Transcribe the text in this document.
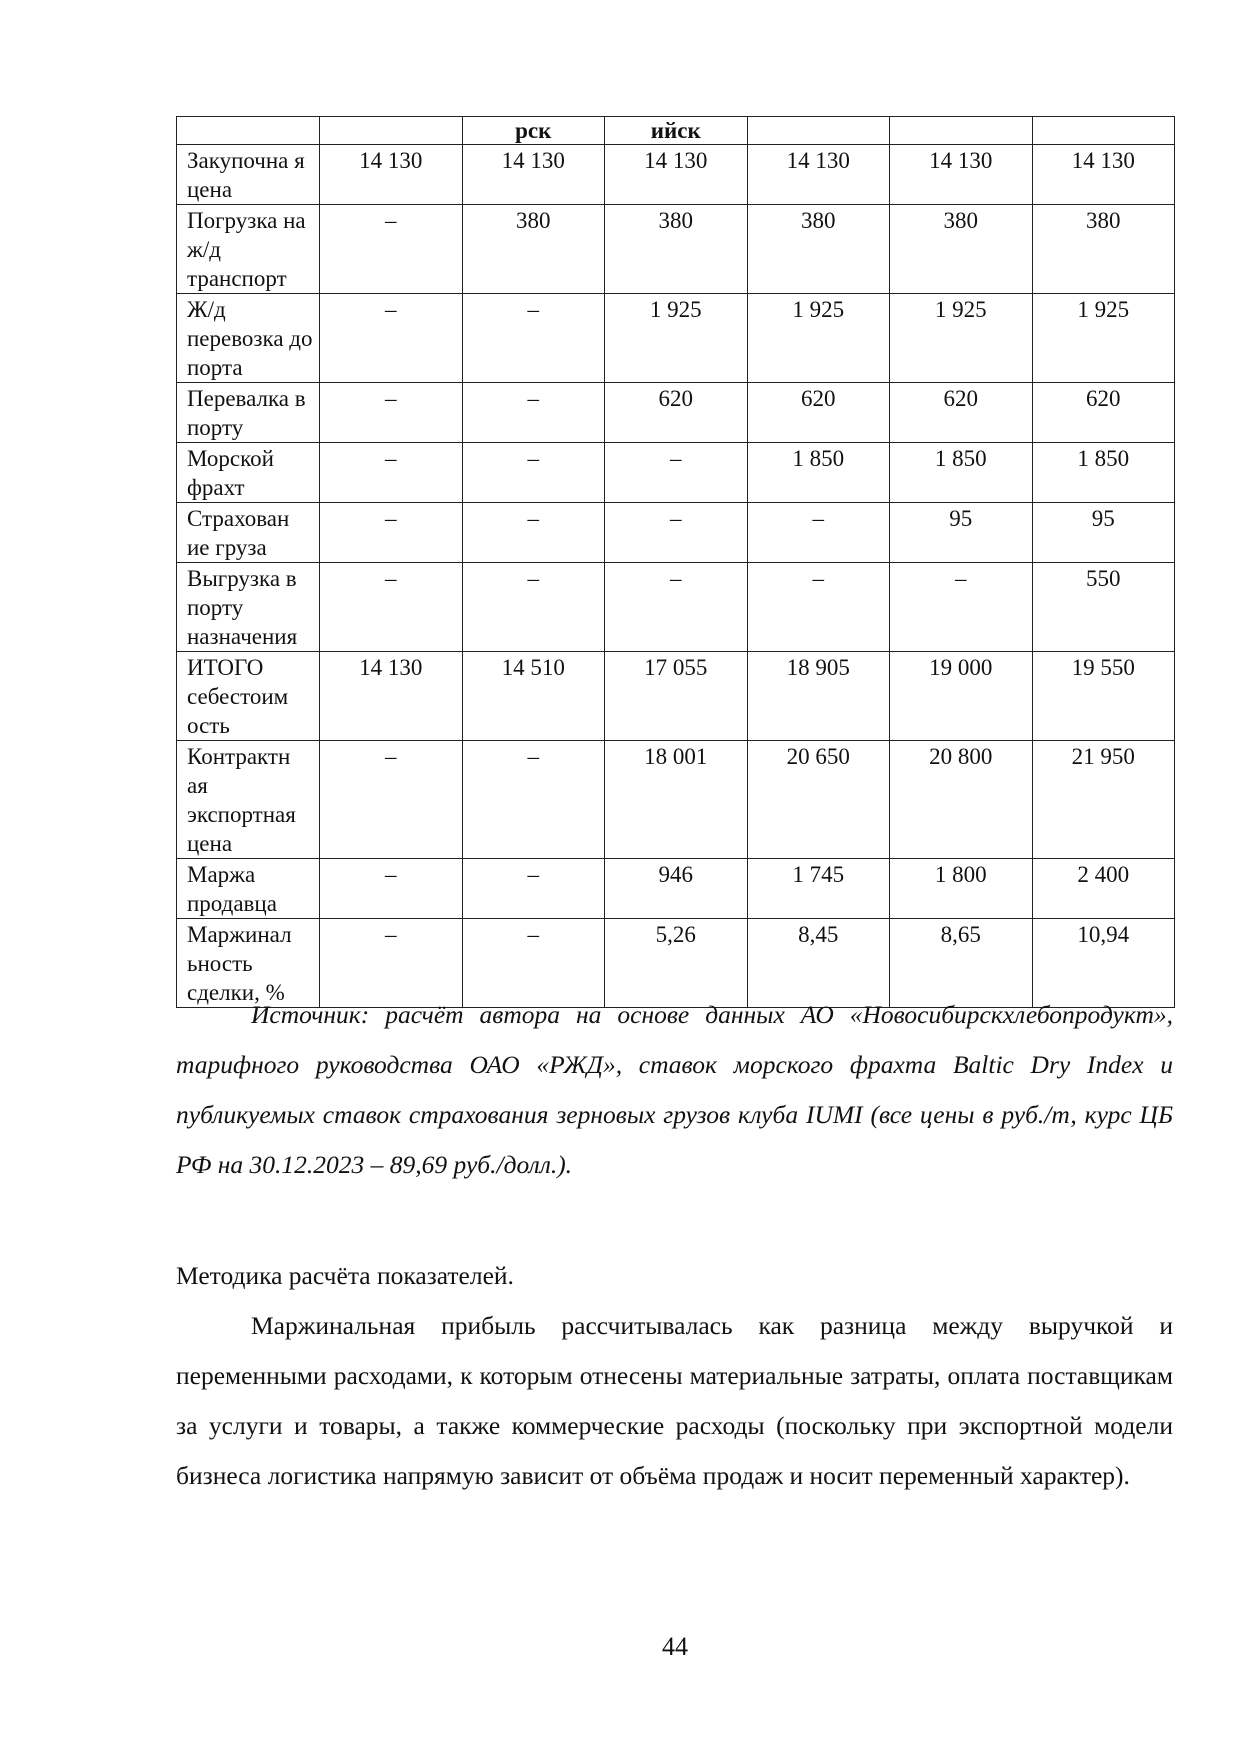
		рск	ийск			
Закупочна я цена	14 130	14 130	14 130	14 130	14 130	14 130
Погрузка на ж/д транспорт	–	380	380	380	380	380
Ж/д перевозка до порта	–	–	1 925	1 925	1 925	1 925
Перевалка в порту	–	–	620	620	620	620
Морской фрахт	–	–	–	1 850	1 850	1 850
Страхован ие груза	–	–	–	–	95	95
Выгрузка в порту назначения	–	–	–	–	–	550
ИТОГО себестоим ость	14 130	14 510	17 055	18 905	19 000	19 550
Контрактн ая экспортная цена	–	–	18 001	20 650	20 800	21 950
Маржа продавца	–	–	946	1 745	1 800	2 400
Маржинал ьность сделки, %	–	–	5,26	8,45	8,65	10,94
Источник: расчёт автора на основе данных АО «Новосибирскхлебопродукт», тарифного руководства ОАО «РЖД», ставок морского фрахта Baltic Dry Index и публикуемых ставок страхования зерновых грузов клуба IUMI (все цены в руб./т, курс ЦБ РФ на 30.12.2023 – 89,69 руб./долл.).
Методика расчёта показателей.
Маржинальная прибыль рассчитывалась как разница между выручкой и переменными расходами, к которым отнесены материальные затраты, оплата поставщикам за услуги и товары, а также коммерческие расходы (поскольку при экспортной модели бизнеса логистика напрямую зависит от объёма продаж и носит переменный характер).
44
